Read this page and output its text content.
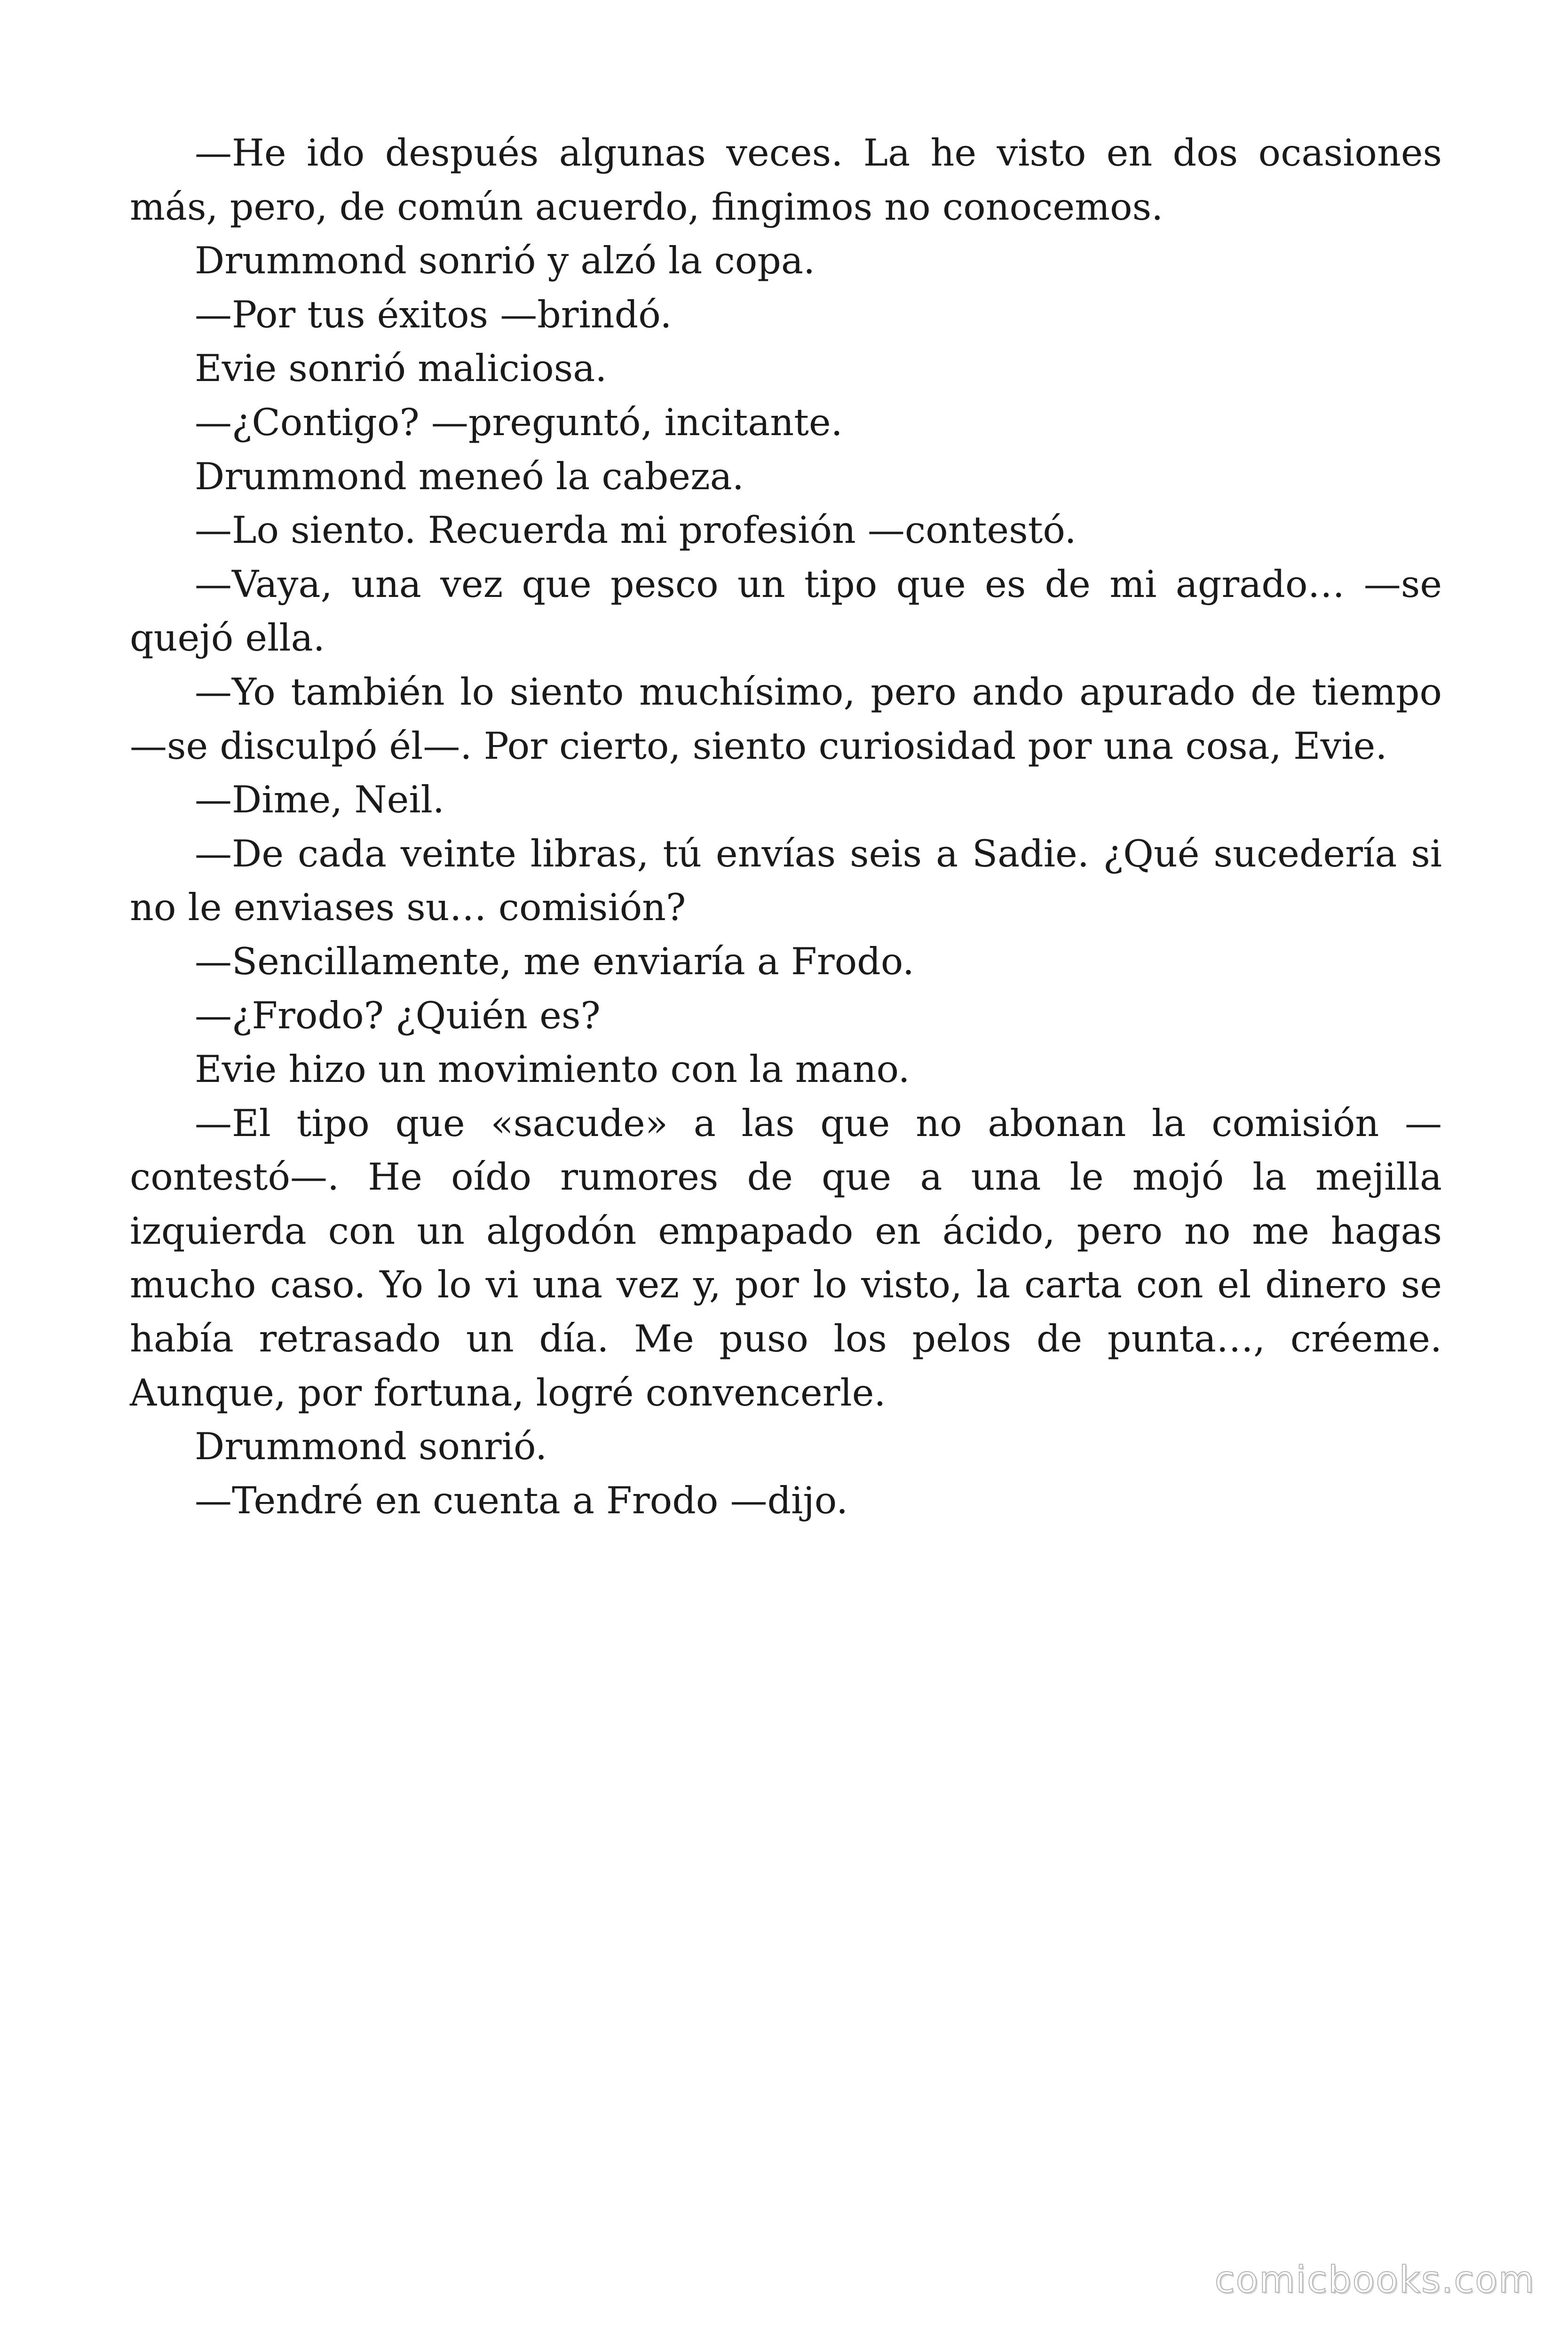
—He ido después algunas veces. La he visto en dos ocasiones más, pero, de común acuerdo, fingimos no conocemos.

Drummond sonrió y alzó la copa.

—Por tus éxitos —brindó.

Evie sonrió maliciosa.

—¿Contigo? —preguntó, incitante.

Drummond meneó la cabeza.

—Lo siento. Recuerda mi profesión —contestó.

—Vaya, una vez que pesco un tipo que es de mi agrado… —se quejó ella.

—Yo también lo siento muchísimo, pero ando apurado de tiempo —se disculpó él—. Por cierto, siento curiosidad por una cosa, Evie.

—Dime, Neil.

—De cada veinte libras, tú envías seis a Sadie. ¿Qué sucedería si no le enviases su… comisión?

—Sencillamente, me enviaría a Frodo.

—¿Frodo? ¿Quién es?

Evie hizo un movimiento con la mano.

—El tipo que «sacude» a las que no abonan la comisión —contestó—. He oído rumores de que a una le mojó la mejilla izquierda con un algodón empapado en ácido, pero no me hagas mucho caso. Yo lo vi una vez y, por lo visto, la carta con el dinero se había retrasado un día. Me puso los pelos de punta…, créeme. Aunque, por fortuna, logré convencerle.

Drummond sonrió.

—Tendré en cuenta a Frodo —dijo.

comicbooks.com
